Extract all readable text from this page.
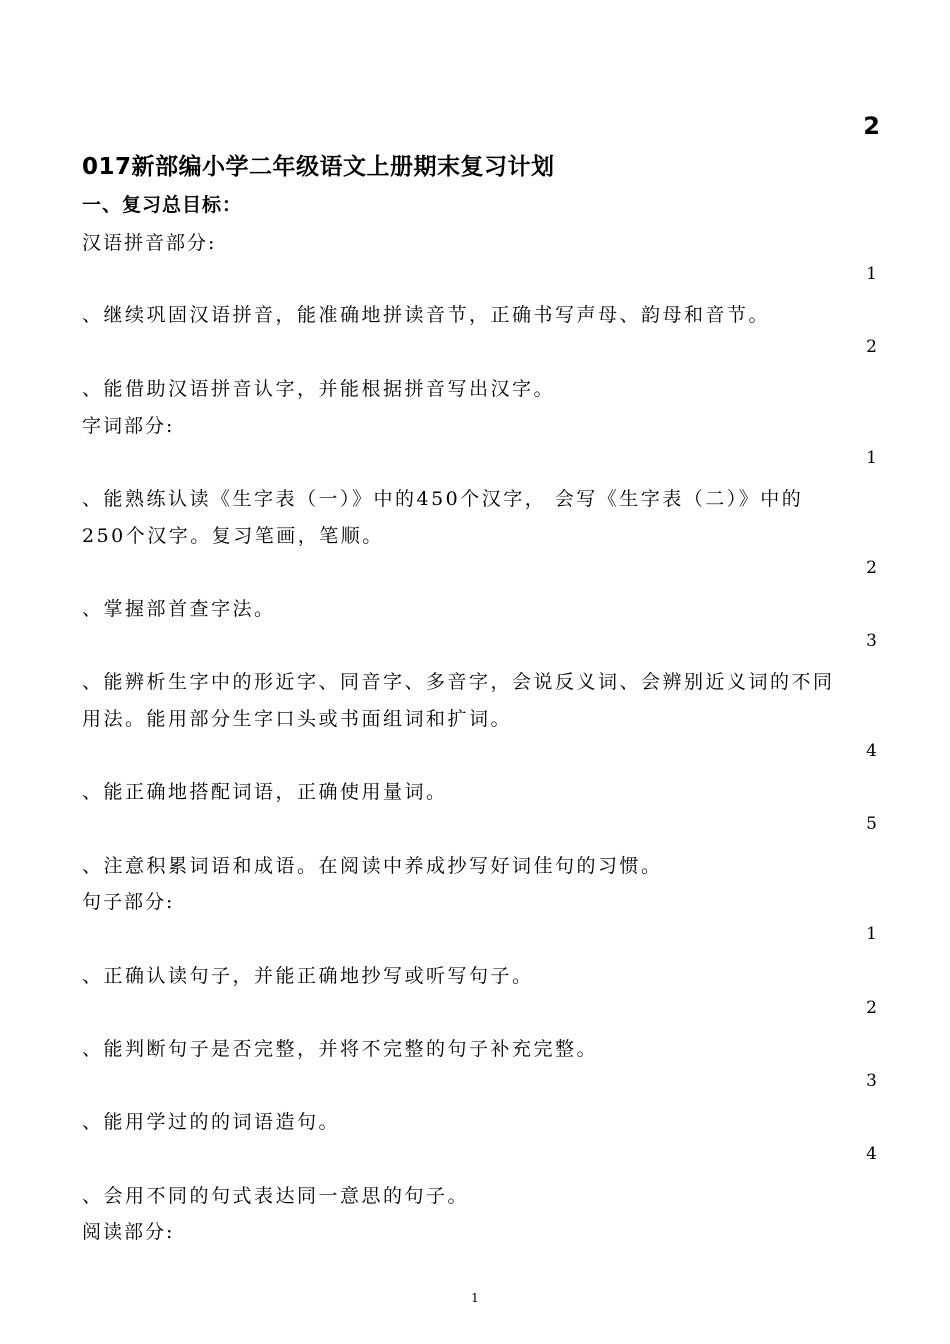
2
017新部编小学二年级语文上册期末复习计划
一、复习总目标：
汉语拼音部分:
1
、继续巩固汉语拼音，能准确地拼读音节，正确书写声母、韵母和音节。
2
、能借助汉语拼音认字，并能根据拼音写出汉字。
字词部分:
1
、能熟练认读《生字表（一）》中的450个汉字， 会写《生字表（二）》中的
250个汉字。复习笔画，笔顺。
2
、掌握部首查字法。
3
、能辨析生字中的形近字、同音字、多音字，会说反义词、会辨别近义词的不同
用法。能用部分生字口头或书面组词和扩词。
4
、能正确地搭配词语，正确使用量词。
5
、注意积累词语和成语。在阅读中养成抄写好词佳句的习惯。
句子部分:
1
、正确认读句子，并能正确地抄写或听写句子。
2
、能判断句子是否完整，并将不完整的句子补充完整。
3
、能用学过的的词语造句。
4
、会用不同的句式表达同一意思的句子。
阅读部分:
1
